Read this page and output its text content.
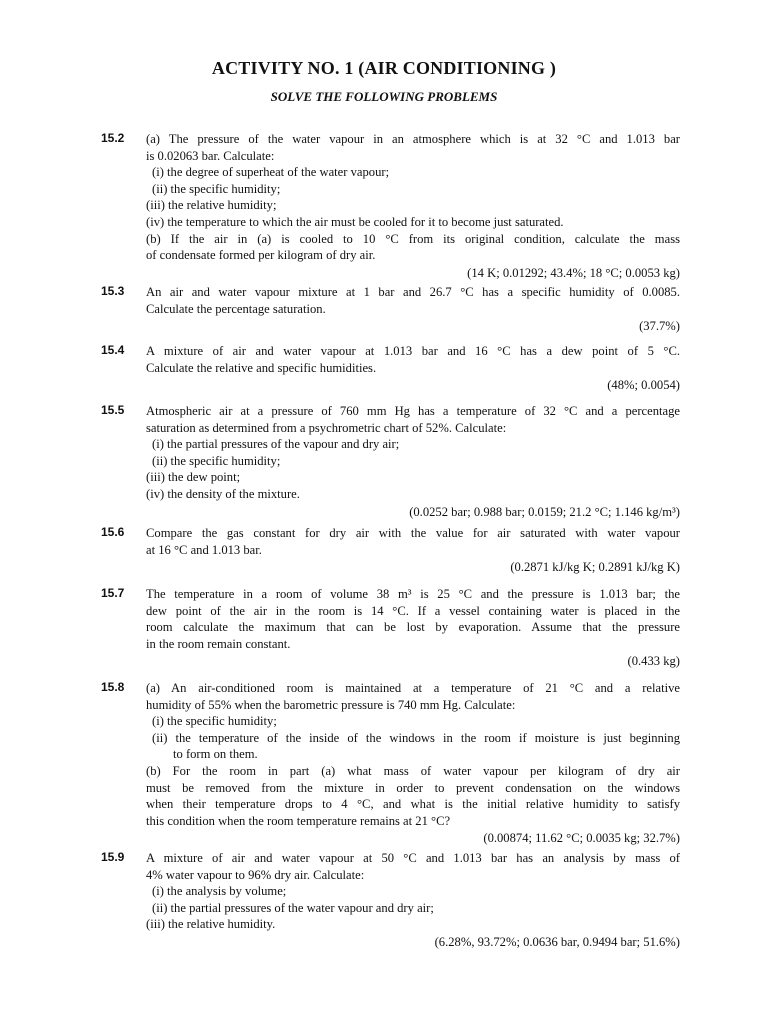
ACTIVITY NO. 1 (AIR CONDITIONING )
SOLVE THE FOLLOWING PROBLEMS
15.2 (a) The pressure of the water vapour in an atmosphere which is at 32 °C and 1.013 bar
is 0.02063 bar. Calculate:
(i) the degree of superheat of the water vapour;
(ii) the specific humidity;
(iii) the relative humidity;
(iv) the temperature to which the air must be cooled for it to become just saturated.
(b) If the air in (a) is cooled to 10 °C from its original condition, calculate the mass
of condensate formed per kilogram of dry air.
(14 K; 0.01292; 43.4%; 18 °C; 0.0053 kg)
15.3 An air and water vapour mixture at 1 bar and 26.7 °C has a specific humidity of 0.0085.
Calculate the percentage saturation.
(37.7%)
15.4 A mixture of air and water vapour at 1.013 bar and 16 °C has a dew point of 5 °C.
Calculate the relative and specific humidities.
(48%; 0.0054)
15.5 Atmospheric air at a pressure of 760 mm Hg has a temperature of 32 °C and a percentage
saturation as determined from a psychrometric chart of 52%. Calculate:
(i) the partial pressures of the vapour and dry air;
(ii) the specific humidity;
(iii) the dew point;
(iv) the density of the mixture.
(0.0252 bar; 0.988 bar; 0.0159; 21.2 °C; 1.146 kg/m³)
15.6 Compare the gas constant for dry air with the value for air saturated with water vapour
at 16 °C and 1.013 bar.
(0.2871 kJ/kg K; 0.2891 kJ/kg K)
15.7 The temperature in a room of volume 38 m³ is 25 °C and the pressure is 1.013 bar; the
dew point of the air in the room is 14 °C. If a vessel containing water is placed in the
room calculate the maximum that can be lost by evaporation. Assume that the pressure
in the room remain constant.
(0.433 kg)
15.8 (a) An air-conditioned room is maintained at a temperature of 21 °C and a relative
humidity of 55% when the barometric pressure is 740 mm Hg. Calculate:
(i) the specific humidity;
(ii) the temperature of the inside of the windows in the room if moisture is just beginning
to form on them.
(b) For the room in part (a) what mass of water vapour per kilogram of dry air
must be removed from the mixture in order to prevent condensation on the windows
when their temperature drops to 4 °C, and what is the initial relative humidity to satisfy
this condition when the room temperature remains at 21 °C?
(0.00874; 11.62 °C; 0.0035 kg; 32.7%)
15.9 A mixture of air and water vapour at 50 °C and 1.013 bar has an analysis by mass of
4% water vapour to 96% dry air. Calculate:
(i) the analysis by volume;
(ii) the partial pressures of the water vapour and dry air;
(iii) the relative humidity.
(6.28%, 93.72%; 0.0636 bar, 0.9494 bar; 51.6%)
